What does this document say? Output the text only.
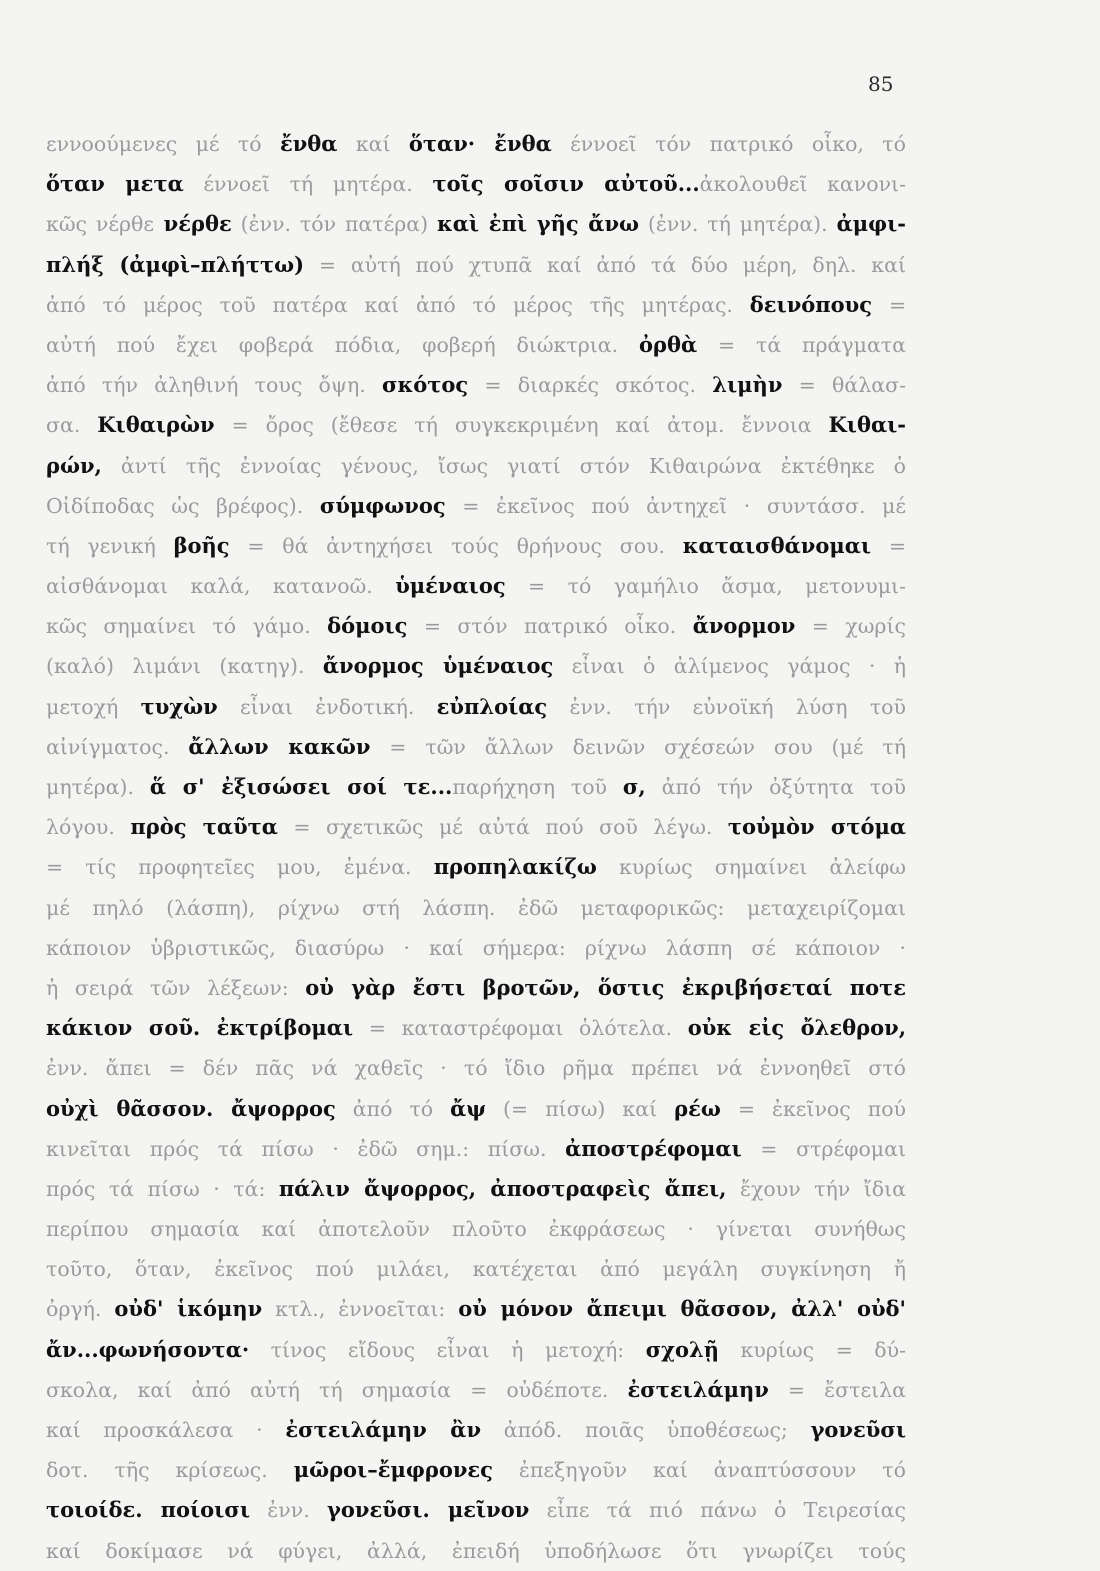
85
εννοούμενες μέ τό ἔνθα καί ὅταν· ἔνθα έννοεῖ τόν πατρικό οἶκο, τό
ὅταν μετα έννοεῖ τή μητέρα. τοῖς σοῖσιν αὐτοῦ...ἀκολουθεῖ κανονι-
κῶς νέρθε νέρθε (ἐνν. τόν πατέρα) καὶ ἐπὶ γῆς ἄνω (ἐνν. τή μητέρα). ἀμφι-
πλήξ (ἀμφὶ–πλήττω) = αὐτή πού χτυπᾶ καί ἀπό τά δύο μέρη, δηλ. καί
ἀπό τό μέρος τοῦ πατέρα καί ἀπό τό μέρος τῆς μητέρας. δεινόπους =
αὐτή πού ἔχει φοβερά πόδια, φοβερή διώκτρια. ὀρθὰ = τά πράγματα
ἀπό τήν ἀληθινή τους ὄψη. σκότος = διαρκές σκότος. λιμὴν = θάλασ-
σα. Κιθαιρὼν = ὄρος (ἔθεσε τή συγκεκριμένη καί ἀτομ. ἔννοια Κιθαι-
ρών, ἀντί τῆς ἐννοίας γένους, ἴσως γιατί στόν Κιθαιρώνα ἐκτέθηκε ὁ
Οἰδίποδας ὡς βρέφος). σύμφωνος = ἐκεῖνος πού ἀντηχεῖ · συντάσσ. μέ
τή γενική βοῆς = θά ἀντηχήσει τούς θρήνους σου. καταισθάνομαι =
αἰσθάνομαι καλά, κατανοῶ. ὑμέναιος = τό γαμήλιο ἄσμα, μετονυμι-
κῶς σημαίνει τό γάμο. δόμοις = στόν πατρικό οἶκο. ἄνορμον = χωρίς
(καλό) λιμάνι (κατηγ). ἄνορμος ὑμέναιος εἶναι ὁ ἀλίμενος γάμος · ἡ
μετοχή τυχὼν εἶναι ἐνδοτική. εὐπλοίας ἐνν. τήν εὐνοϊκή λύση τοῦ
αἰνίγματος. ἄλλων κακῶν = τῶν ἄλλων δεινῶν σχέσεών σου (μέ τή
μητέρα). ἅ σ' ἐξισώσει σοί τε...παρήχηση τοῦ σ, ἀπό τήν ὀξύτητα τοῦ
λόγου. πρὸς ταῦτα = σχετικῶς μέ αὐτά πού σοῦ λέγω. τοὐμὸν στόμα
= τίς προφητεῖες μου, ἐμένα. προπηλακίζω κυρίως σημαίνει ἀλείφω
μέ πηλό (λάσπη), ρίχνω στή λάσπη. ἐδῶ μεταφορικῶς: μεταχειρίζομαι
κάποιον ὑβριστικῶς, διασύρω · καί σήμερα: ρίχνω λάσπη σέ κάποιον ·
ἡ σειρά τῶν λέξεων: οὐ γὰρ ἔστι βροτῶν, ὅστις ἐκριβήσεταί ποτε
κάκιον σοῦ. ἐκτρίβομαι = καταστρέφομαι ὁλότελα. οὐκ εἰς ὄλεθρον,
ἐνν. ἄπει = δέν πᾶς νά χαθεῖς · τό ἴδιο ρῆμα πρέπει νά ἐννοηθεῖ στό
οὐχὶ θᾶσσον. ἄψορρος ἀπό τό ἄψ (= πίσω) καί ρέω = ἐκεῖνος πού
κινεῖται πρός τά πίσω · ἐδῶ σημ.: πίσω. ἀποστρέφομαι = στρέφομαι
πρός τά πίσω · τά: πάλιν ἄψορρος, ἀποστραφεὶς ἄπει, ἔχουν τήν ἴδια
περίπου σημασία καί ἀποτελοῦν πλοῦτο ἐκφράσεως · γίνεται συνήθως
τοῦτο, ὅταν, ἐκεῖνος πού μιλάει, κατέχεται ἀπό μεγάλη συγκίνηση ἤ
ὀργή. οὐδ' ἱκόμην κτλ., ἐννοεῖται: οὐ μόνον ἄπειμι θᾶσσον, ἀλλ' οὐδ'
ἄν...φωνήσοντα· τίνος εἴδους εἶναι ἡ μετοχή: σχολῇ κυρίως = δύ-
σκολα, καί ἀπό αὐτή τή σημασία = οὐδέποτε. ἐστειλάμην = ἔστειλα
καί προσκάλεσα · ἐστειλάμην ἂν ἀπόδ. ποιᾶς ὑποθέσεως; γονεῦσι
δοτ. τῆς κρίσεως. μῶροι–ἔμφρονες ἐπεξηγοῦν καί ἀναπτύσσουν τό
τοιοίδε. ποίοισι ἐνν. γονεῦσι. μεῖνον εἶπε τά πιό πάνω ὁ Τειρεσίας
καί δοκίμασε νά φύγει, ἀλλά, ἐπειδή ὑποδήλωσε ὅτι γνωρίζει τούς
